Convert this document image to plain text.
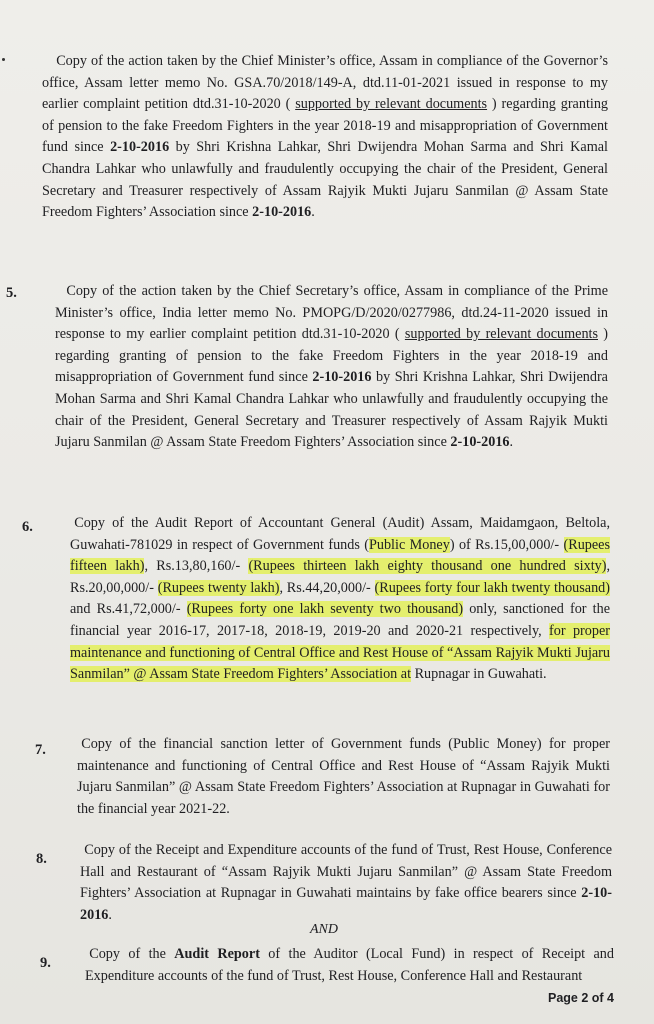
Copy of the action taken by the Chief Minister’s office, Assam in compliance of the Governor’s office, Assam letter memo No. GSA.70/2018/149-A, dtd.11-01-2021 issued in response to my earlier complaint petition dtd.31-10-2020 ( supported by relevant documents ) regarding granting of pension to the fake Freedom Fighters in the year 2018-19 and misappropriation of Government fund since 2-10-2016 by Shri Krishna Lahkar, Shri Dwijendra Mohan Sarma and Shri Kamal Chandra Lahkar who unlawfully and fraudulently occupying the chair of the President, General Secretary and Treasurer respectively of Assam Rajyik Mukti Jujaru Sanmilan @ Assam State Freedom Fighters’ Association since 2-10-2016.
5.	Copy of the action taken by the Chief Secretary’s office, Assam in compliance of the Prime Minister’s office, India letter memo No. PMOPG/D/2020/0277986, dtd.24-11-2020 issued in response to my earlier complaint petition dtd.31-10-2020 ( supported by relevant documents ) regarding granting of pension to the fake Freedom Fighters in the year 2018-19 and misappropriation of Government fund since 2-10-2016 by Shri Krishna Lahkar, Shri Dwijendra Mohan Sarma and Shri Kamal Chandra Lahkar who unlawfully and fraudulently occupying the chair of the President, General Secretary and Treasurer respectively of Assam Rajyik Mukti Jujaru Sanmilan @ Assam State Freedom Fighters’ Association since 2-10-2016.
6.	Copy of the Audit Report of Accountant General (Audit) Assam, Maidamgaon, Beltola, Guwahati-781029 in respect of Government funds (Public Money) of Rs.15,00,000/- (Rupees fifteen lakh), Rs.13,80,160/- (Rupees thirteen lakh eighty thousand one hundred sixty), Rs.20,00,000/- (Rupees twenty lakh), Rs.44,20,000/- (Rupees forty four lakh twenty thousand) and Rs.41,72,000/- (Rupees forty one lakh seventy two thousand) only, sanctioned for the financial year 2016-17, 2017-18, 2018-19, 2019-20 and 2020-21 respectively, for proper maintenance and functioning of Central Office and Rest House of “Assam Rajyik Mukti Jujaru Sanmilan” @ Assam State Freedom Fighters’ Association at Rupnagar in Guwahati.
7. Copy of the financial sanction letter of Government funds (Public Money) for proper maintenance and functioning of Central Office and Rest House of “Assam Rajyik Mukti Jujaru Sanmilan” @ Assam State Freedom Fighters’ Association at Rupnagar in Guwahati for the financial year 2021-22.
8.
Copy of the Receipt and Expenditure accounts of the fund of Trust, Rest House, Conference Hall and Restaurant of “Assam Rajyik Mukti Jujaru Sanmilan” @ Assam State Freedom Fighters’ Association at Rupnagar in Guwahati maintains by fake office bearers since 2-10-2016.
AND
9.
Copy of the Audit Report of the Auditor (Local Fund) in respect of Receipt and Expenditure accounts of the fund of Trust, Rest House, Conference Hall and Restaurant
Page 2 of 4
